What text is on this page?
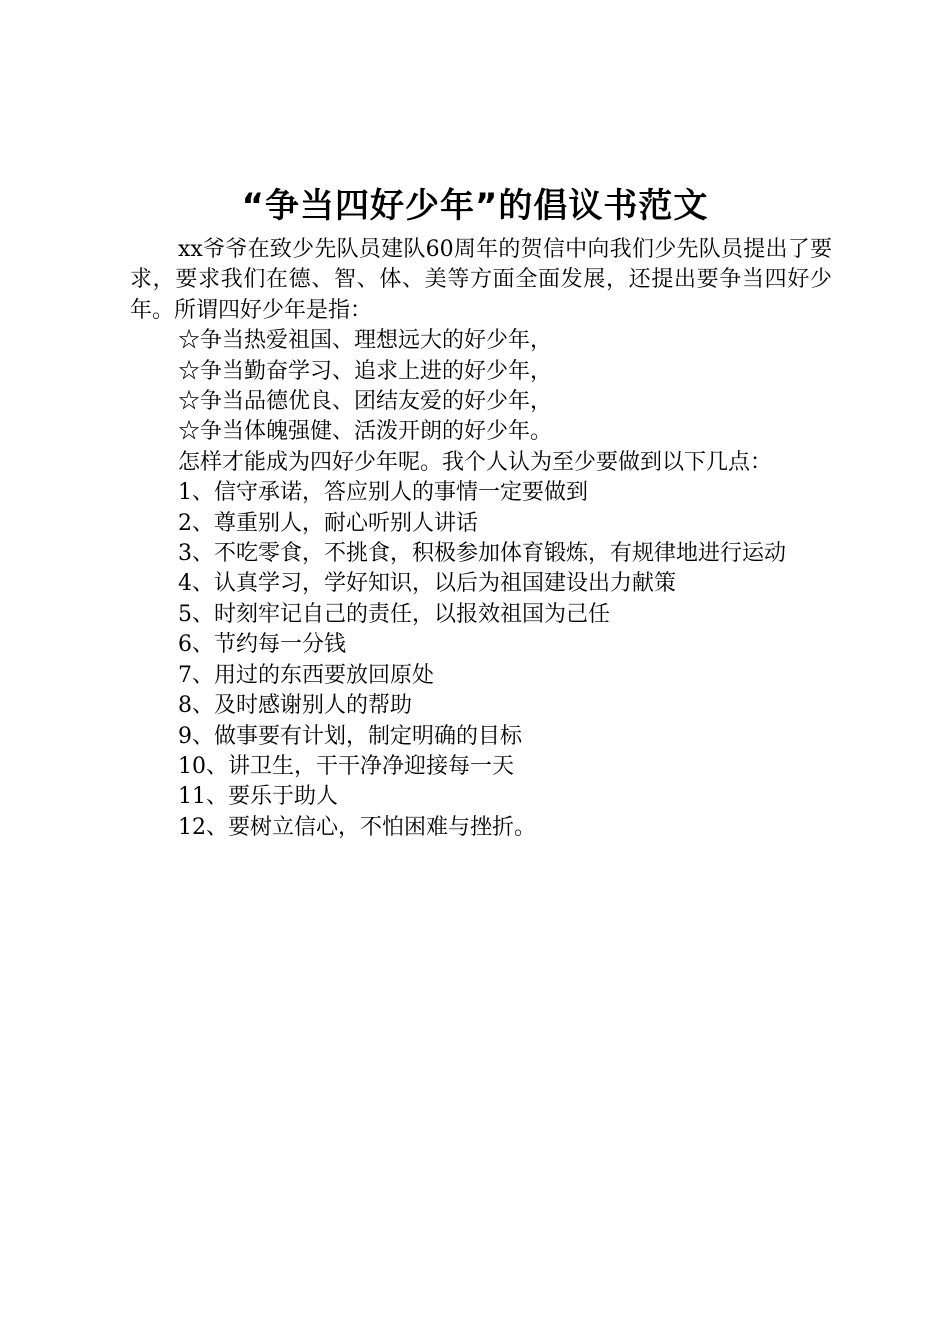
“争当四好少年”的倡议书范文

xx爷爷在致少先队员建队60周年的贺信中向我们少先队员提出了要求，要求我们在德、智、体、美等方面全面发展，还提出要争当四好少年。所谓四好少年是指：

☆争当热爱祖国、理想远大的好少年，

☆争当勤奋学习、追求上进的好少年，

☆争当品德优良、团结友爱的好少年，

☆争当体魄强健、活泼开朗的好少年。

怎样才能成为四好少年呢。我个人认为至少要做到以下几点：

1、信守承诺，答应别人的事情一定要做到

2、尊重别人，耐心听别人讲话

3、不吃零食，不挑食，积极参加体育锻炼，有规律地进行运动

4、认真学习，学好知识，以后为祖国建设出力献策

5、时刻牢记自己的责任，以报效祖国为己任

6、节约每一分钱

7、用过的东西要放回原处

8、及时感谢别人的帮助

9、做事要有计划，制定明确的目标

10、讲卫生，干干净净迎接每一天

11、要乐于助人

12、要树立信心，不怕困难与挫折。
